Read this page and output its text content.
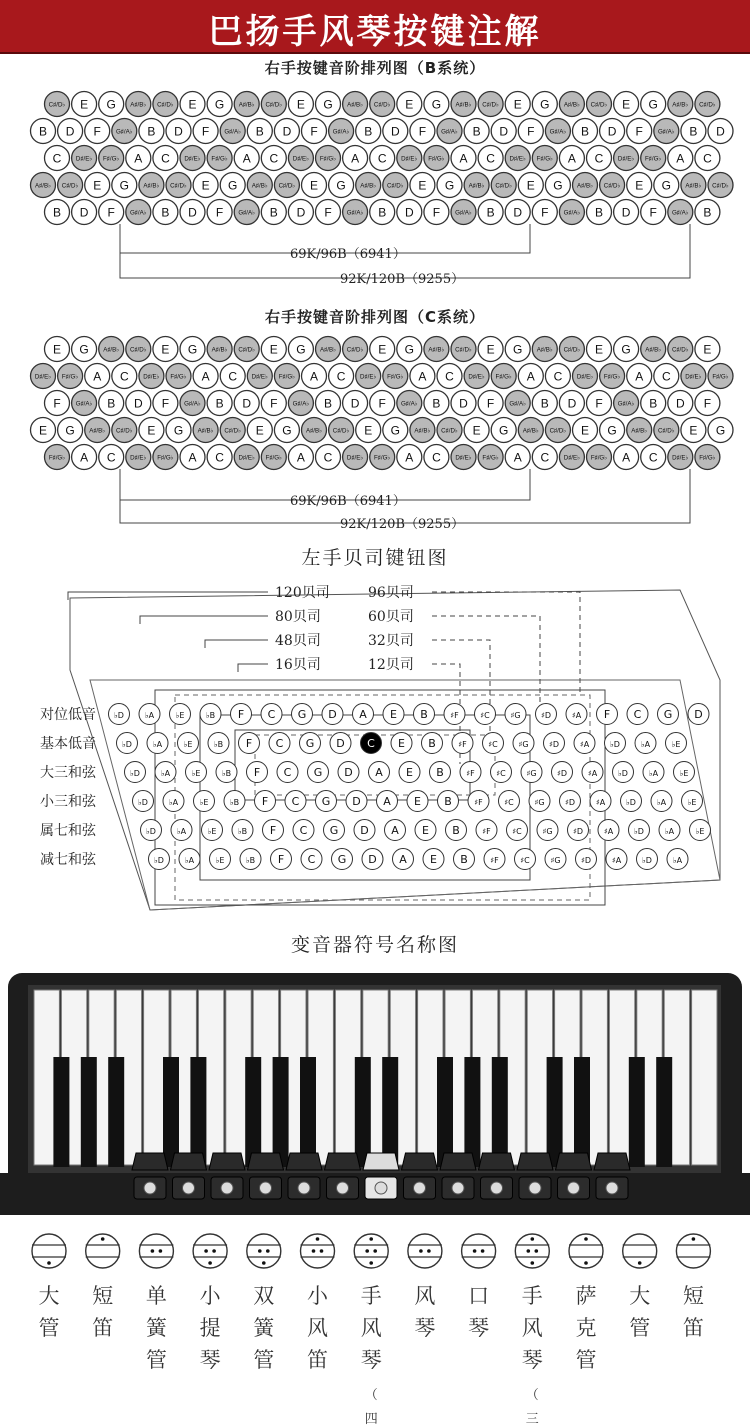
巴扬手风琴按键注解
右手按键音阶排列图（B系统）
C♯/D♭ E G A♯/B♭ C♯/D♭ E G A♯/B♭ C♯/D♭ E G A♯/B♭ C♯/D♭ E G A♯/B♭ C♯/D♭ E G A♯/B♭ C♯/D♭ E G A♯/B♭ C♯/D♭
B D F G♯/A♭ B D F G♯/A♭ B D F G♯/A♭ B D F G♯/A♭ B D F G♯/A♭ B D F G♯/A♭ B D
C D♯/E♭ F♯/G♭ A C D♯/E♭ F♯/G♭ A C D♯/E♭ F♯/G♭ A C D♯/E♭ F♯/G♭ A C D♯/E♭ F♯/G♭ A C D♯/E♭ F♯/G♭ A C
A♯/B♭ C♯/D♭ E G A♯/B♭ C♯/D♭ E G A♯/B♭ C♯/D♭ E G A♯/B♭ C♯/D♭ E G A♯/B♭ C♯/D♭ E G A♯/B♭ C♯/D♭ E G A♯/B♭ C♯/D♭
B D F G♯/A♭ B D F G♯/A♭ B D F G♯/A♭ B D F G♯/A♭ B D F G♯/A♭ B D F G♯/A♭ B
69K/96B（6941）
92K/120B（9255）
右手按键音阶排列图（C系统）
E G A♯/B♭ C♯/D♭ E G A♯/B♭ C♯/D♭ E G A♯/B♭ C♯/D♭ E G A♯/B♭ C♯/D♭ E G A♯/B♭ C♯/D♭ E G A♯/B♭ C♯/D♭ E
D♯/E♭ F♯/G♭ A C D♯/E♭ F♯/G♭ A C D♯/E♭ F♯/G♭ A C D♯/E♭ F♯/G♭ A C D♯/E♭ F♯/G♭ A C D♯/E♭ F♯/G♭ A C D♯/E♭ F♯/G♭
F G♯/A♭ B D F G♯/A♭ B D F G♯/A♭ B D F G♯/A♭ B D F G♯/A♭ B D F G♯/A♭ B D F
E G A♯/B♭ C♯/D♭ E G A♯/B♭ C♯/D♭ E G A♯/B♭ C♯/D♭ E G A♯/B♭ C♯/D♭ E G A♯/B♭ C♯/D♭ E G A♯/B♭ C♯/D♭ E G
F♯/G♭ A C D♯/E♭ F♯/G♭ A C D♯/E♭ F♯/G♭ A C D♯/E♭ F♯/G♭ A C D♯/E♭ F♯/G♭ A C D♯/E♭ F♯/G♭ A C D♯/E♭ F♯/G♭
69K/96B（6941）
92K/120B（9255）
左手贝司键钮图
120贝司	96贝司
80贝司	60贝司
48贝司	32贝司
16贝司	12贝司
对位低音 ♭D	♭A	♭E	♭B F C G D A E B	♯F	♯C	♯G	♯D	♯A F C G D
基本低音	♭D	♭A	♭E	♭B F C G D C E B	♯F	♯C	♯G	♯D	♯A	♭D	♭A	♭E
大三和弦	♭D	♭A	♭E	♭B F C G D A E B	♯F	♯C	♯G	♯D	♯A	♭D	♭A	♭E
小三和弦	♭D	♭A	♭E	♭B F C G D A E B	♯F	♯C	♯G	♯D	♯A	♭D	♭A	♭E
属七和弦	♭D	♭A	♭E	♭B F C G D A E B	♯F	♯C	♯G	♯D	♯A	♭D	♭A	♭E
减七和弦	♭D	♭A	♭E	♭B F C G D A E B	♯F	♯C	♯G	♯D	♯A	♭D	♭A
变音器符号名称图
大管
短笛
单簧管
小提琴
双簧管
小风笛
手风琴（四
风琴
口琴
手风琴（三
萨克管
大管
短笛
